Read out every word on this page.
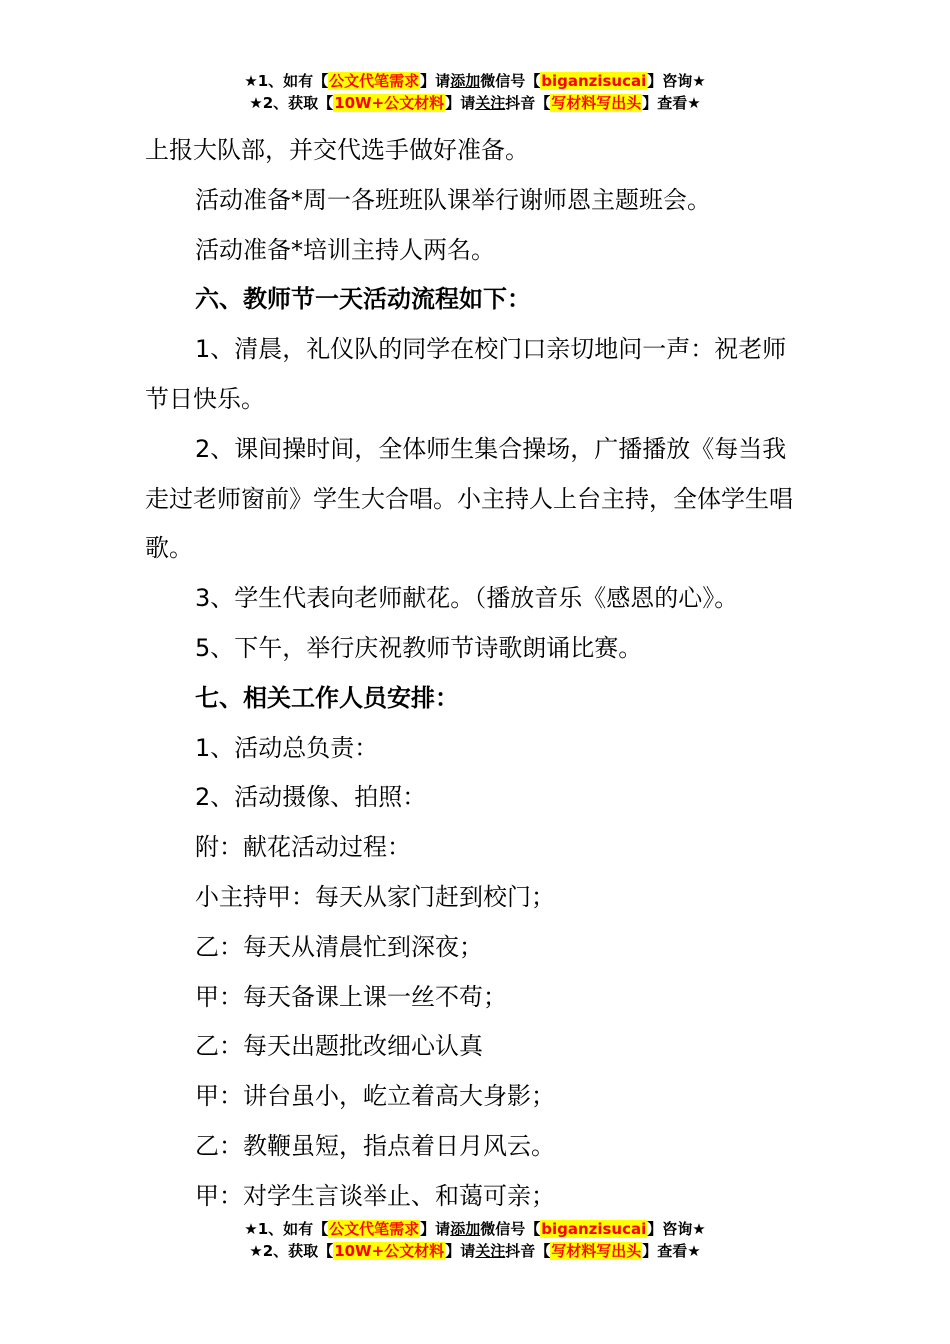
★1、如有【公文代笔需求】请添加微信号【biganzisucai】咨询★
★2、获取【10W+公文材料】请关注抖音【写材料写出头】查看★

上报大队部，并交代选手做好准备。

活动准备*周一各班班队课举行谢师恩主题班会。

活动准备*培训主持人两名。

六、教师节一天活动流程如下：

1、清晨，礼仪队的同学在校门口亲切地问一声：祝老师节日快乐。

2、课间操时间，全体师生集合操场，广播播放《每当我走过老师窗前》学生大合唱。小主持人上台主持，全体学生唱歌。

3、学生代表向老师献花。（播放音乐《感恩的心》。

5、下午，举行庆祝教师节诗歌朗诵比赛。

七、相关工作人员安排：

1、活动总负责：

2、活动摄像、拍照：

附：献花活动过程：

小主持甲：每天从家门赶到校门；

乙：每天从清晨忙到深夜；

甲：每天备课上课一丝不苟；

乙：每天出题批改细心认真

甲：讲台虽小，屹立着高大身影；

乙：教鞭虽短，指点着日月风云。

甲：对学生言谈举止、和蔼可亲；

★1、如有【公文代笔需求】请添加微信号【biganzisucai】咨询★
★2、获取【10W+公文材料】请关注抖音【写材料写出头】查看★
